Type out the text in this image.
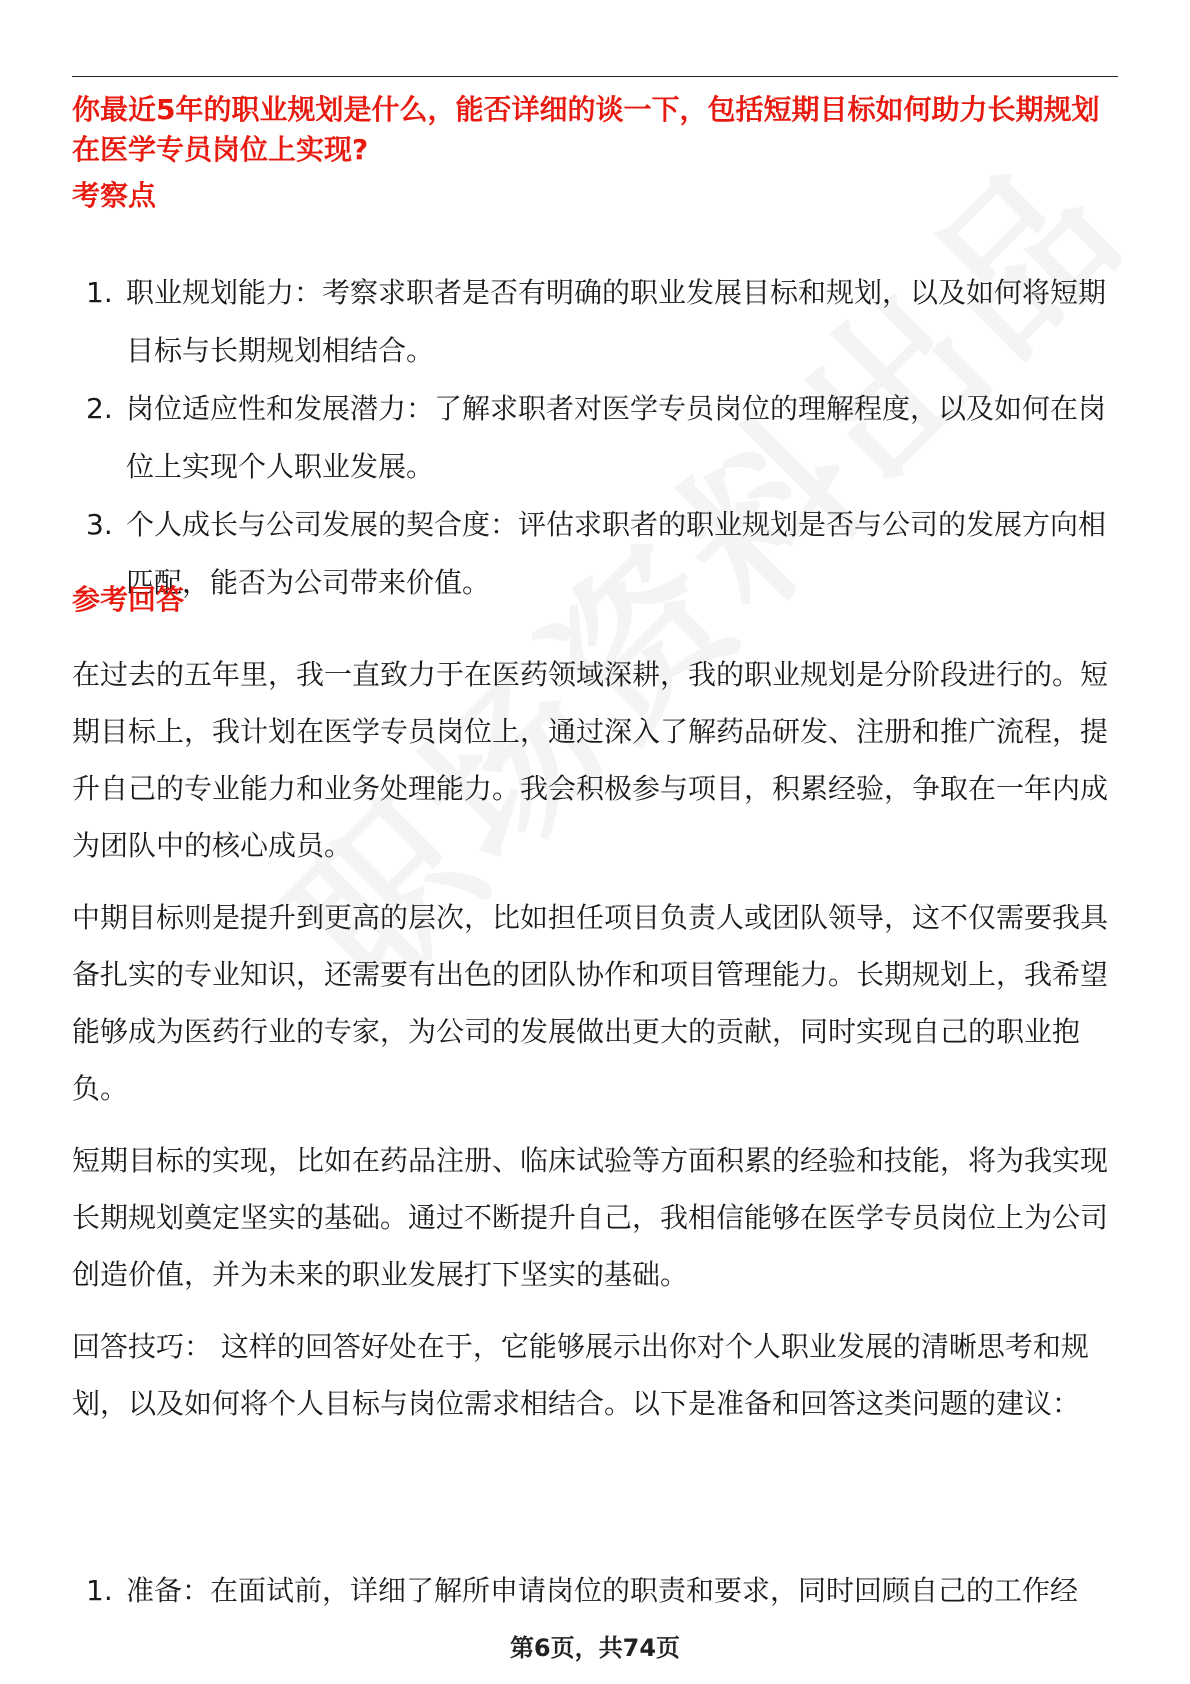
你最近5年的职业规划是什么，能否详细的谈一下，包括短期目标如何助力长期规划在医学专员岗位上实现?
考察点
1. 职业规划能力：考察求职者是否有明确的职业发展目标和规划，以及如何将短期目标与长期规划相结合。
2. 岗位适应性和发展潜力：了解求职者对医学专员岗位的理解程度，以及如何在岗位上实现个人职业发展。
3. 个人成长与公司发展的契合度：评估求职者的职业规划是否与公司的发展方向相匹配，能否为公司带来价值。
参考回答

在过去的五年里，我一直致力于在医药领域深耕，我的职业规划是分阶段进行的。短期目标上，我计划在医学专员岗位上，通过深入了解药品研发、注册和推广流程，提升自己的专业能力和业务处理能力。我会积极参与项目，积累经验，争取在一年内成为团队中的核心成员。

中期目标则是提升到更高的层次，比如担任项目负责人或团队领导，这不仅需要我具备扎实的专业知识，还需要有出色的团队协作和项目管理能力。长期规划上，我希望能够成为医药行业的专家，为公司的发展做出更大的贡献，同时实现自己的职业抱负。

短期目标的实现，比如在药品注册、临床试验等方面积累的经验和技能，将为我实现长期规划奠定坚实的基础。通过不断提升自己，我相信能够在医学专员岗位上为公司创造价值，并为未来的职业发展打下坚实的基础。

回答技巧： 这样的回答好处在于，它能够展示出你对个人职业发展的清晰思考和规划，以及如何将个人目标与岗位需求相结合。以下是准备和回答这类问题的建议：

1. 准备：在面试前，详细了解所申请岗位的职责和要求，同时回顾自己的工作经
第6页，共74页
